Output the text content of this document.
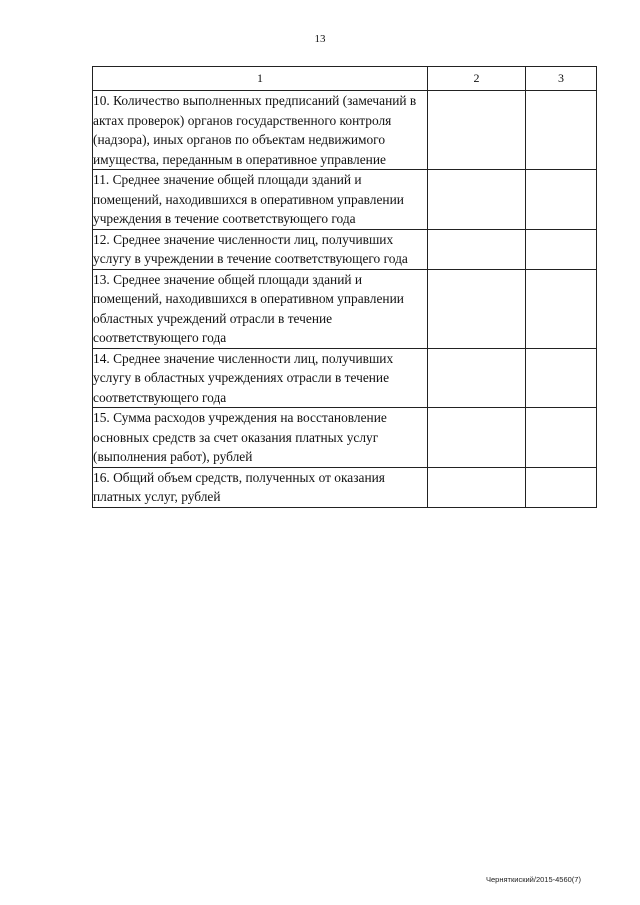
13
1	2	3
10. Количество выполненных предписаний (замечаний в актах проверок) органов государственного контроля (надзора), иных органов по объектам недвижимого имущества, переданным в оперативное управление		
11. Среднее значение общей площади зданий и помещений, находившихся в оперативном управлении учреждения в течение соответствующего года		
12. Среднее значение численности лиц, получивших услугу в учреждении в течение соответствующего года		
13. Среднее значение общей площади зданий и помещений, находившихся в оперативном управлении областных учреждений отрасли в течение соответствующего года		
14. Среднее значение численности лиц, получивших услугу в областных учреждениях отрасли в течение соответствующего года		
15. Сумма расходов учреждения на восстановление основных средств за счет оказания платных услуг (выполнения работ), рублей		
16. Общий объем средств, полученных от оказания платных услуг, рублей		
Черняткиский/2015-4560(7)
